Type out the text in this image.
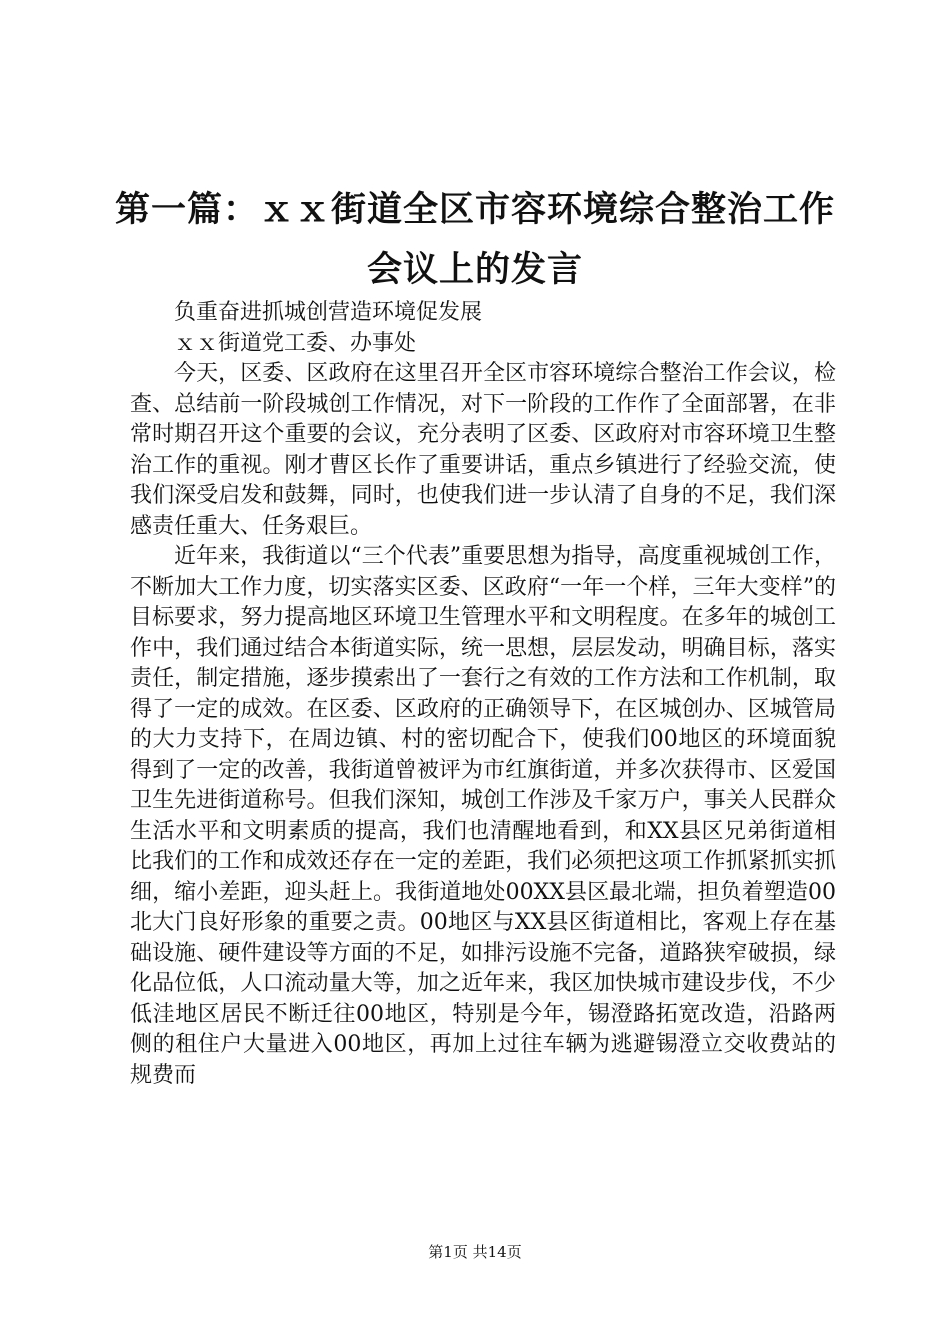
第一篇：ｘｘ街道全区市容环境综合整治工作
会议上的发言

负重奋进抓城创营造环境促发展

ｘｘ街道党工委、办事处

今天，区委、区政府在这里召开全区市容环境综合整治工作会议，检查、总结前一阶段城创工作情况，对下一阶段的工作作了全面部署，在非常时期召开这个重要的会议，充分表明了区委、区政府对市容环境卫生整治工作的重视。刚才曹区长作了重要讲话，重点乡镇进行了经验交流，使我们深受启发和鼓舞，同时，也使我们进一步认清了自身的不足，我们深感责任重大、任务艰巨。

近年来，我街道以“三个代表”重要思想为指导，高度重视城创工作，不断加大工作力度，切实落实区委、区政府“一年一个样，三年大变样”的目标要求，努力提高地区环境卫生管理水平和文明程度。在多年的城创工作中，我们通过结合本街道实际，统一思想，层层发动，明确目标，落实责任，制定措施，逐步摸索出了一套行之有效的工作方法和工作机制，取得了一定的成效。在区委、区政府的正确领导下，在区城创办、区城管局的大力支持下，在周边镇、村的密切配合下，使我们00地区的环境面貌得到了一定的改善，我街道曾被评为市红旗街道，并多次获得市、区爱国卫生先进街道称号。但我们深知，城创工作涉及千家万户，事关人民群众生活水平和文明素质的提高，我们也清醒地看到，和XX县区兄弟街道相比我们的工作和成效还存在一定的差距，我们必须把这项工作抓紧抓实抓细，缩小差距，迎头赶上。我街道地处00XX县区最北端，担负着塑造00北大门良好形象的重要之责。00地区与XX县区街道相比，客观上存在基础设施、硬件建设等方面的不足，如排污设施不完备，道路狭窄破损，绿化品位低，人口流动量大等，加之近年来，我区加快城市建设步伐，不少低洼地区居民不断迁往00地区，特别是今年，锡澄路拓宽改造，沿路两侧的租住户大量进入00地区，再加上过往车辆为逃避锡澄立交收费站的规费而

第1页 共14页
